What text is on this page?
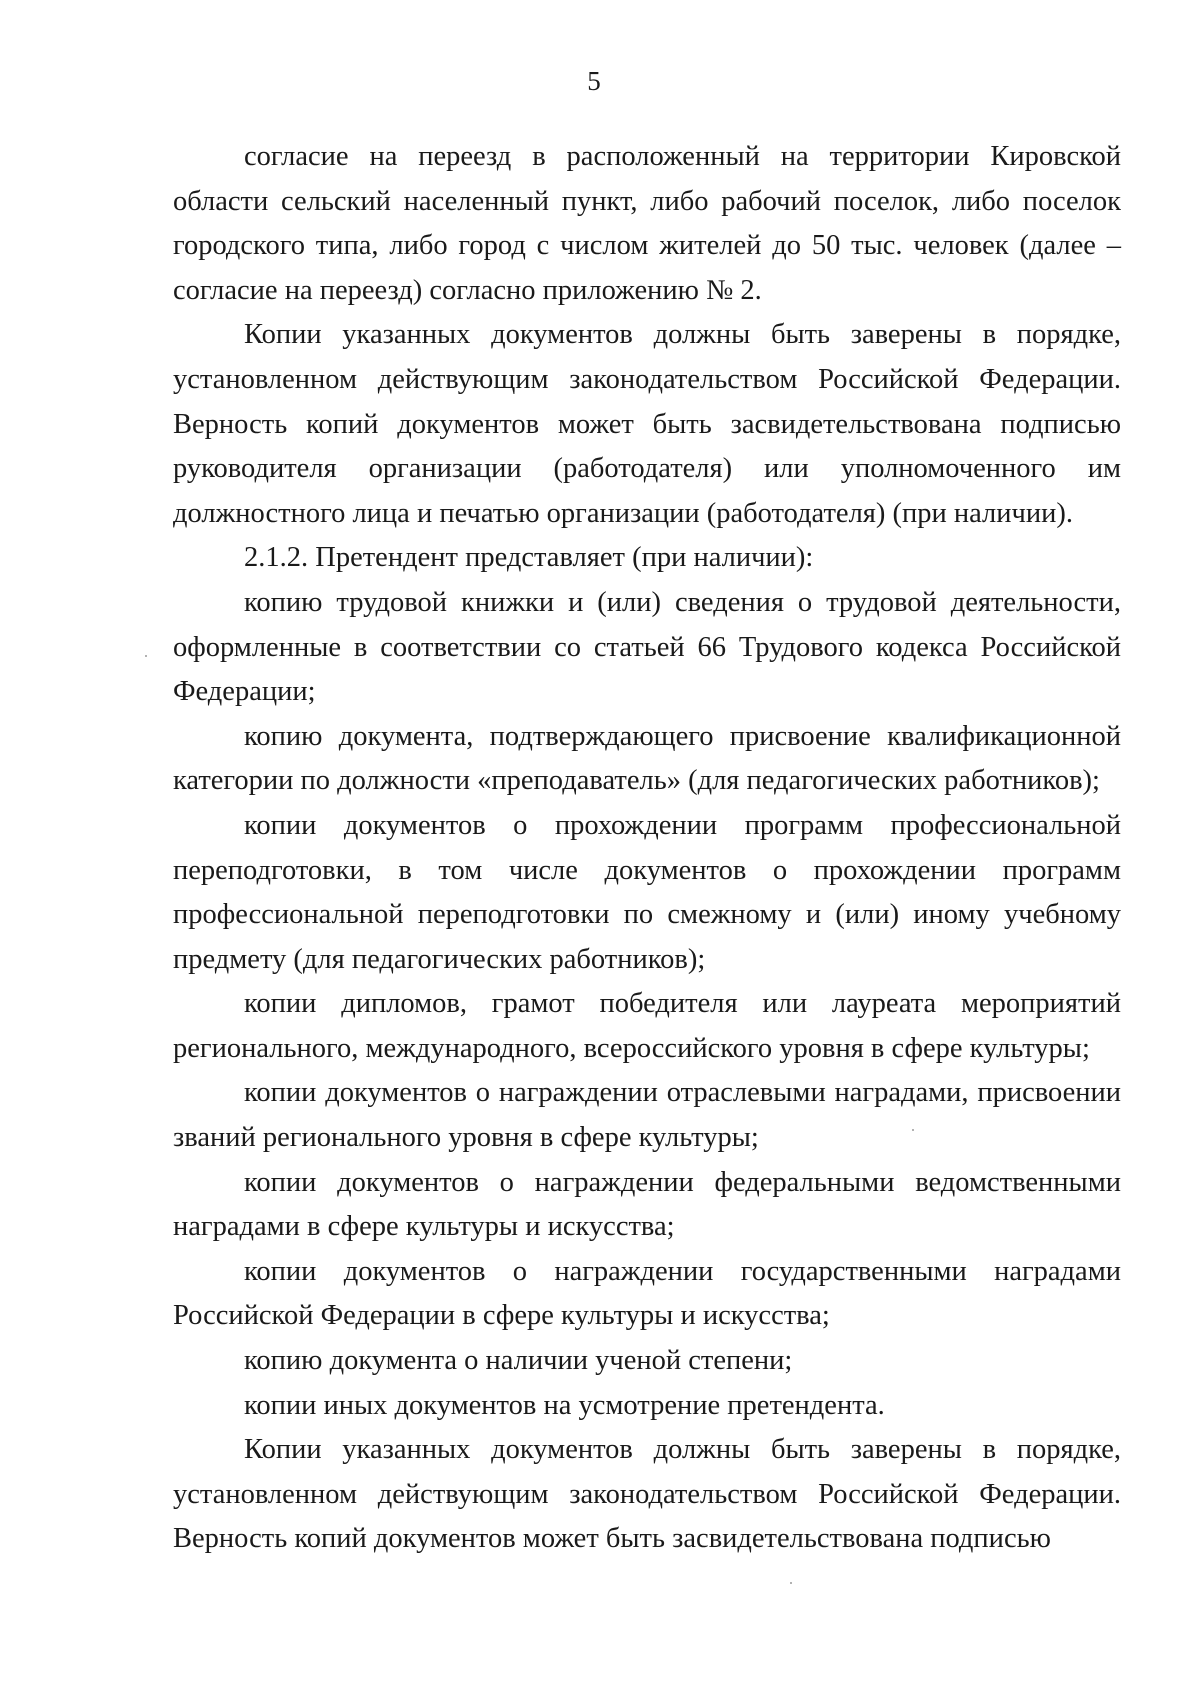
5

согласие на переезд в расположенный на территории Кировской области сельский населенный пункт, либо рабочий поселок, либо поселок городского типа, либо город с числом жителей до 50 тыс. человек (далее – согласие на переезд) согласно приложению № 2.

Копии указанных документов должны быть заверены в порядке, установленном действующим законодательством Российской Федерации. Верность копий документов может быть засвидетельствована подписью руководителя организации (работодателя) или уполномоченного им должностного лица и печатью организации (работодателя) (при наличии).

2.1.2. Претендент представляет (при наличии):

копию трудовой книжки и (или) сведения о трудовой деятельности, оформленные в соответствии со статьей 66 Трудового кодекса Российской Федерации;

копию документа, подтверждающего присвоение квалификационной категории по должности «преподаватель» (для педагогических работников);

копии документов о прохождении программ профессиональной переподготовки, в том числе документов о прохождении программ профессиональной переподготовки по смежному и (или) иному учебному предмету (для педагогических работников);

копии дипломов, грамот победителя или лауреата мероприятий регионального, международного, всероссийского уровня в сфере культуры;

копии документов о награждении отраслевыми наградами, присвоении званий регионального уровня в сфере культуры;

копии документов о награждении федеральными ведомственными наградами в сфере культуры и искусства;

копии документов о награждении государственными наградами Российской Федерации в сфере культуры и искусства;

копию документа о наличии ученой степени;

копии иных документов на усмотрение претендента.

Копии указанных документов должны быть заверены в порядке, установленном действующим законодательством Российской Федерации. Верность копий документов может быть засвидетельствована подписью
